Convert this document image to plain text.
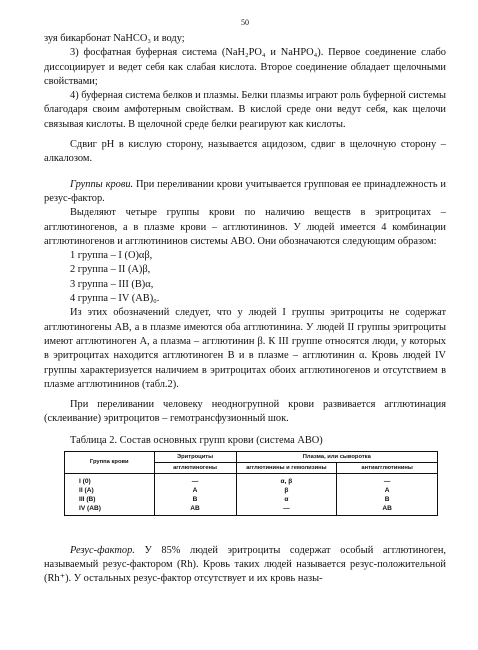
50

зуя бикарбонат NaHCO₃ и воду;

3) фосфатная буферная система (NaH₂PO₄ и NaHPO₄). Первое соединение слабо диссоциирует и ведет себя как слабая кислота. Второе соединение обладает щелочными свойствами;

4) буферная система белков и плазмы. Белки плазмы играют роль буферной системы благодаря своим амфотерным свойствам. В кислой среде они ведут себя, как щелочи связывая кислоты. В щелочной среде белки реагируют как кислоты.

Сдвиг рН в кислую сторону, называется ацидозом, сдвиг в щелочную сторону – алкалозом.

Группы крови. При переливании крови учитывается групповая ее принадлежность и резус-фактор.

Выделяют четыре группы крови по наличию веществ в эритроцитах – агглютиногенов, а в плазме крови – агглютининов. У людей имеется 4 комбинации агглютиногенов и агглютининов системы АВО. Они обозначаются следующим образом:

1 группа – I (O)αβ,
2 группа – II (A)β,
3 группа – III (B)α,
4 группа – IV (AB)₀.

Из этих обозначений следует, что у людей I группы эритроциты не содержат агглютиногены АВ, а в плазме имеются оба агглютинина. У людей II группы эритроциты имеют агглютиноген А, а плазма – агглютинин β. К III группе относятся люди, у которых в эритроцитах находится агглютиноген В и в плазме – агглютинин α. Кровь людей IV группы характеризуется наличием в эритроцитах обоих агглютиногенов и отсутствием в плазме агглютининов (табл.2).

При переливании человеку неодногрупной крови развивается агглютинация (склеивание) эритроцитов – гемотрансфузионный шок.

Таблица 2. Состав основных групп крови (система АВО)
Группа крови	Эритроциты	Плазма, или сыворотка	
	агглютиногены	агглютинины и гемолизины	антиагглютинины
I (0)	—	α, β	—
II (A)	A	β	A
III (B)	B	α	B
IV (AB)	AB	—	AB

Резус-фактор. У 85% людей эритроциты содержат особый агглютиноген, называемый резус-фактором (Rh). Кровь таких людей называется резус-положительной (Rh⁺). У остальных резус-фактор отсутствует и их кровь назы-
